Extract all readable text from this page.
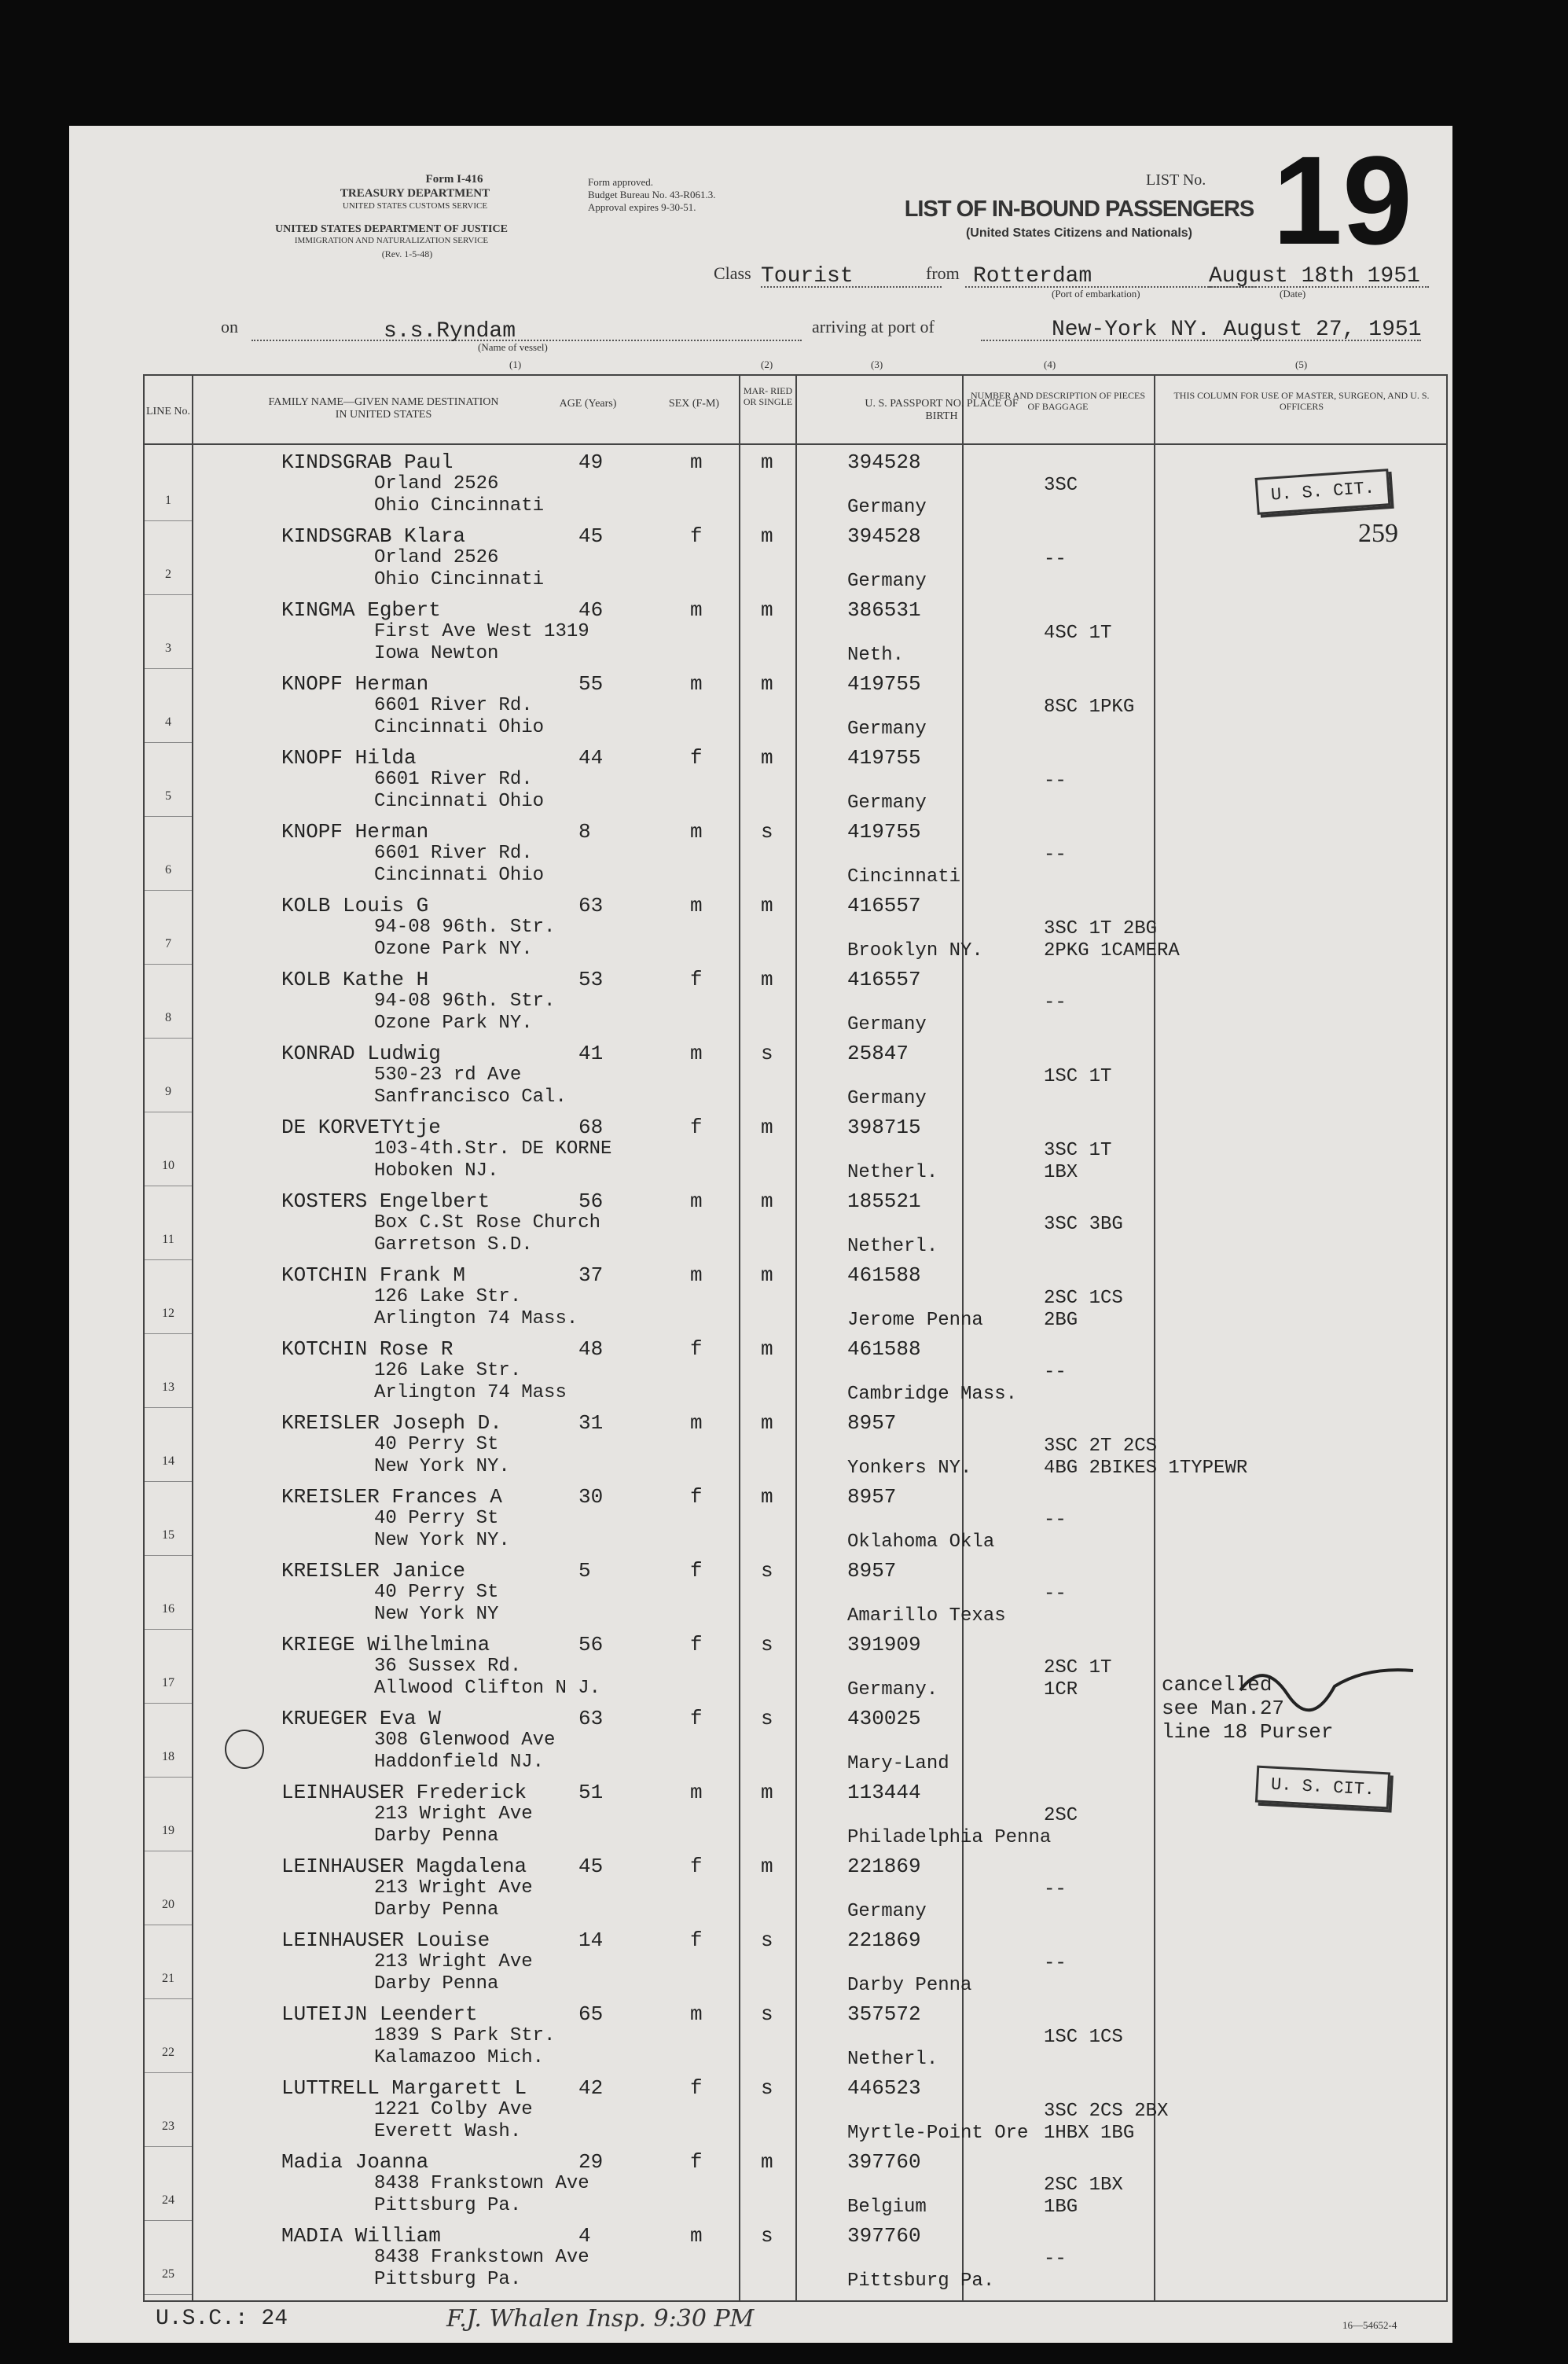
Form I-416
TREASURY DEPARTMENT
UNITED STATES CUSTOMS SERVICE
UNITED STATES DEPARTMENT OF JUSTICE
IMMIGRATION AND NATURALIZATION SERVICE
(Rev. 1-5-48)
Form approved.
Budget Bureau No. 43-R061.3.
Approval expires 9-30-51.
LIST No. 19
LIST OF IN-BOUND PASSENGERS
(United States Citizens and Nationals)
Class Tourist	from Rotterdam
(Port of embarkation)
August 18th 1951
(Date)
on	s.s.Ryndam
(Name of vessel)
arriving at port of	New-York NY. August 27, 1951
(1)	(2)	(3)	(4)	(5)
LINE No.
FAMILY NAME—GIVEN NAME DESTINATION IN UNITED STATES
AGE (Years)	SEX (F-M)
MAR- RIED OR SINGLE	U. S. PASSPORT NO. PLACE OF BIRTH
NUMBER AND DESCRIPTION OF PIECES OF BAGGAGE
THIS COLUMN FOR USE OF MASTER, SURGEON, AND U. S. OFFICERS
1
KINDSGRAB Paul
Orland 2526
Ohio Cincinnati
49	m	m	394528
Germany
3SC
2
KINDSGRAB Klara
Orland 2526
Ohio Cincinnati
45	f	m	394528
Germany
--
3
KINGMA Egbert
First Ave West 1319
Iowa Newton
46	m	m	386531
Neth.
4SC 1T
4
KNOPF Herman
6601 River Rd.
Cincinnati Ohio
55	m	m	419755
Germany
8SC 1PKG
5
KNOPF Hilda
6601 River Rd.
Cincinnati Ohio
44	f	m	419755
Germany
--
6
KNOPF Herman
6601 River Rd.
Cincinnati Ohio
8	m	s	419755
Cincinnati
--
7
KOLB Louis G
94-08 96th. Str.
Ozone Park NY.
63	m	m	416557
Brooklyn NY.
3SC 1T 2BG
2PKG 1CAMERA
8
KOLB Kathe H
94-08 96th. Str.
Ozone Park NY.
53	f	m	416557
Germany
--
9
KONRAD Ludwig
530-23 rd Ave
Sanfrancisco Cal.
41	m	s	25847
Germany
1SC 1T
10
DE KORVETYtje
103-4th.Str. DE KORNE
Hoboken NJ.
68	f	m	398715
Netherl.
3SC 1T
1BX
11
KOSTERS Engelbert
Box C.St Rose Church
Garretson S.D.
56	m	m	185521
Netherl.
3SC 3BG
12
KOTCHIN Frank M
126 Lake Str.
Arlington 74 Mass.
37	m	m	461588
Jerome Penna
2SC 1CS
2BG
13
KOTCHIN Rose R
126 Lake Str.
Arlington 74 Mass
48	f	m	461588
Cambridge Mass.
--
14
KREISLER Joseph D.
40 Perry St
New York NY.
31	m	m	8957
Yonkers NY.
3SC 2T 2CS
4BG 2BIKES 1TYPEWR
15
KREISLER Frances A
40 Perry St
New York NY.
30	f	m	8957
Oklahoma Okla
--
16
KREISLER Janice
40 Perry St
New York NY
5	f	s	8957
Amarillo Texas
--
17
KRIEGE Wilhelmina
36 Sussex Rd.
Allwood Clifton N J.
56	f	s	391909
Germany.
2SC 1T
1CR
18
KRUEGER Eva W
308 Glenwood Ave
Haddonfield NJ.
63	f	s	430025
Mary-Land
19
LEINHAUSER Frederick
213 Wright Ave
Darby Penna
51	m	m	113444
Philadelphia Penna
2SC
20
LEINHAUSER Magdalena
213 Wright Ave
Darby Penna
45	f	m	221869
Germany
--
21
LEINHAUSER Louise
213 Wright Ave
Darby Penna
14	f	s	221869
Darby Penna
--
22
LUTEIJN Leendert
1839 S Park Str.
Kalamazoo Mich.
65	m	s	357572
Netherl.
1SC 1CS
23
LUTTRELL Margarett L
1221 Colby Ave
Everett Wash.
42	f	s	446523
Myrtle-Point Ore
3SC 2CS 2BX
1HBX 1BG
24
Madia Joanna
8438 Frankstown Ave
Pittsburg Pa.
29	f	m	397760
Belgium
2SC 1BX
1BG
25
MADIA William
8438 Frankstown Ave
Pittsburg Pa.
4	m	s	397760
Pittsburg Pa.
--
U. S. CIT.
259
cancelled
see Man.27
line 18 Purser
U. S. CIT.
U.S.C.: 24	F.J. Whalen Insp. 9:30 PM	16—54652-4
